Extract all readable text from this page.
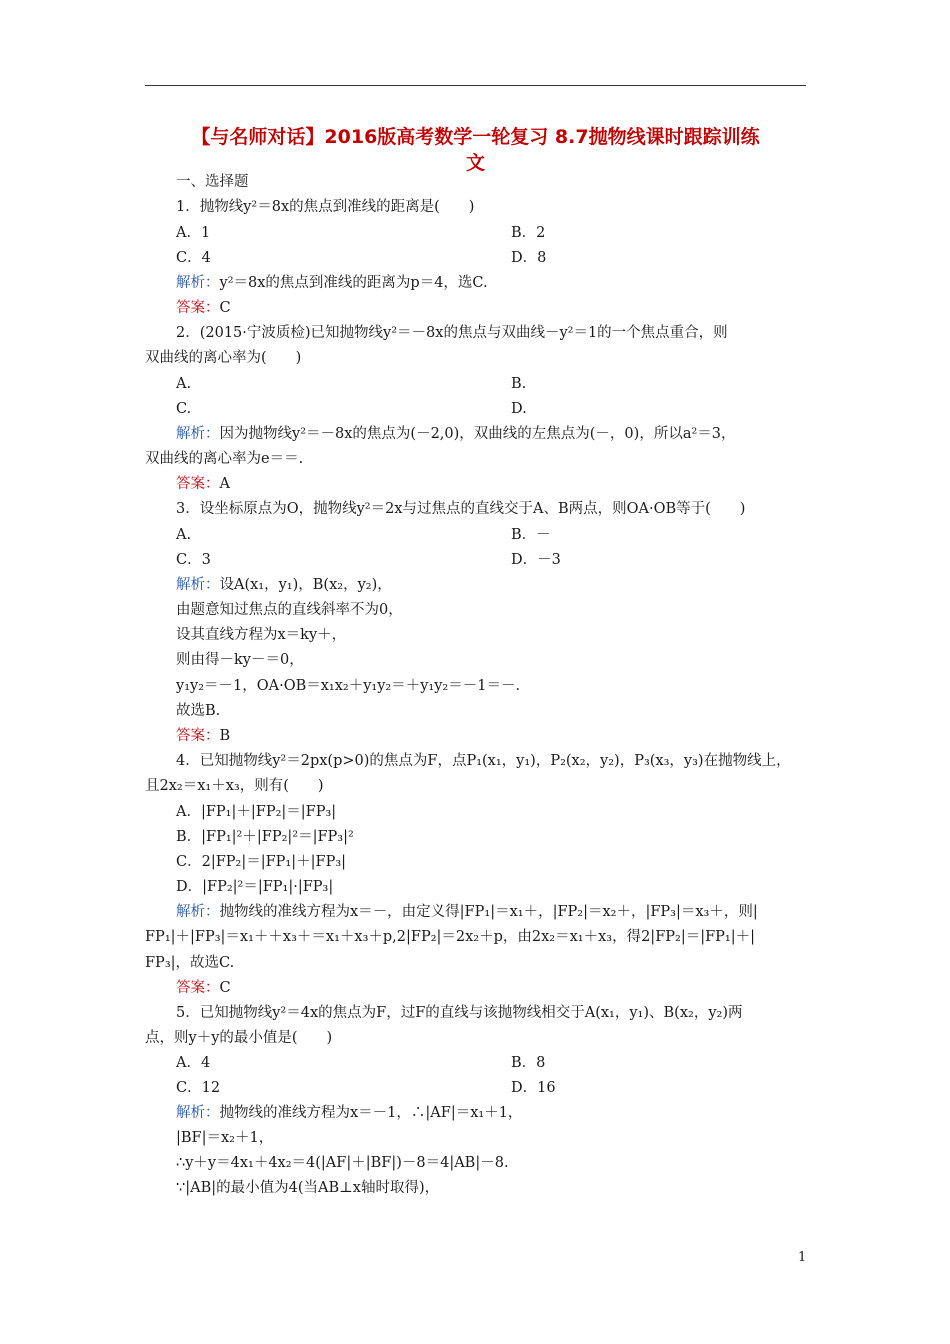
【与名师对话】2016版高考数学一轮复习 8.7抛物线课时跟踪训练
文
一、选择题
1．抛物线y²＝8x的焦点到准线的距离是(　　)
A．1	B．2
C．4	D．8
解析：y²＝8x的焦点到准线的距离为p＝4，选C.
答案：C
2．(2015·宁波质检)已知抛物线y²＝－8x的焦点与双曲线－y²＝1的一个焦点重合，则
双曲线的离心率为(　　)
A.	B.
C.	D.
解析：因为抛物线y²＝－8x的焦点为(－2,0)，双曲线的左焦点为(－，0)，所以a²＝3，
双曲线的离心率为e＝＝.
答案：A
3．设坐标原点为O，抛物线y²＝2x与过焦点的直线交于A、B两点，则OA·OB等于(　　)
A.	B．－
C．3	D．－3
解析：设A(x₁，y₁)，B(x₂，y₂)，
由题意知过焦点的直线斜率不为0，
设其直线方程为x＝ky＋，
则由得－ky－＝0，
y₁y₂＝－1，OA·OB＝x₁x₂＋y₁y₂＝＋y₁y₂＝－1＝－.
故选B.
答案：B
4．已知抛物线y²＝2px(p>0)的焦点为F，点P₁(x₁，y₁)，P₂(x₂，y₂)，P₃(x₃，y₃)在抛物线上，
且2x₂＝x₁＋x₃，则有(　　)
A．|FP₁|＋|FP₂|＝|FP₃|
B．|FP₁|²＋|FP₂|²＝|FP₃|²
C．2|FP₂|＝|FP₁|＋|FP₃|
D．|FP₂|²＝|FP₁|·|FP₃|
解析：抛物线的准线方程为x＝－，由定义得|FP₁|＝x₁＋，|FP₂|＝x₂＋，|FP₃|＝x₃＋，则|
FP₁|＋|FP₃|＝x₁＋＋x₃＋＝x₁＋x₃＋p,2|FP₂|＝2x₂＋p，由2x₂＝x₁＋x₃，得2|FP₂|＝|FP₁|＋|
FP₃|，故选C.
答案：C
5．已知抛物线y²＝4x的焦点为F，过F的直线与该抛物线相交于A(x₁，y₁)、B(x₂，y₂)两
点，则y＋y的最小值是(　　)
A．4	B．8
C．12	D．16
解析：抛物线的准线方程为x＝－1，∴|AF|＝x₁＋1，
|BF|＝x₂＋1，
∴y＋y＝4x₁＋4x₂＝4(|AF|＋|BF|)－8＝4|AB|－8.
∵|AB|的最小值为4(当AB⊥x轴时取得)，
1
